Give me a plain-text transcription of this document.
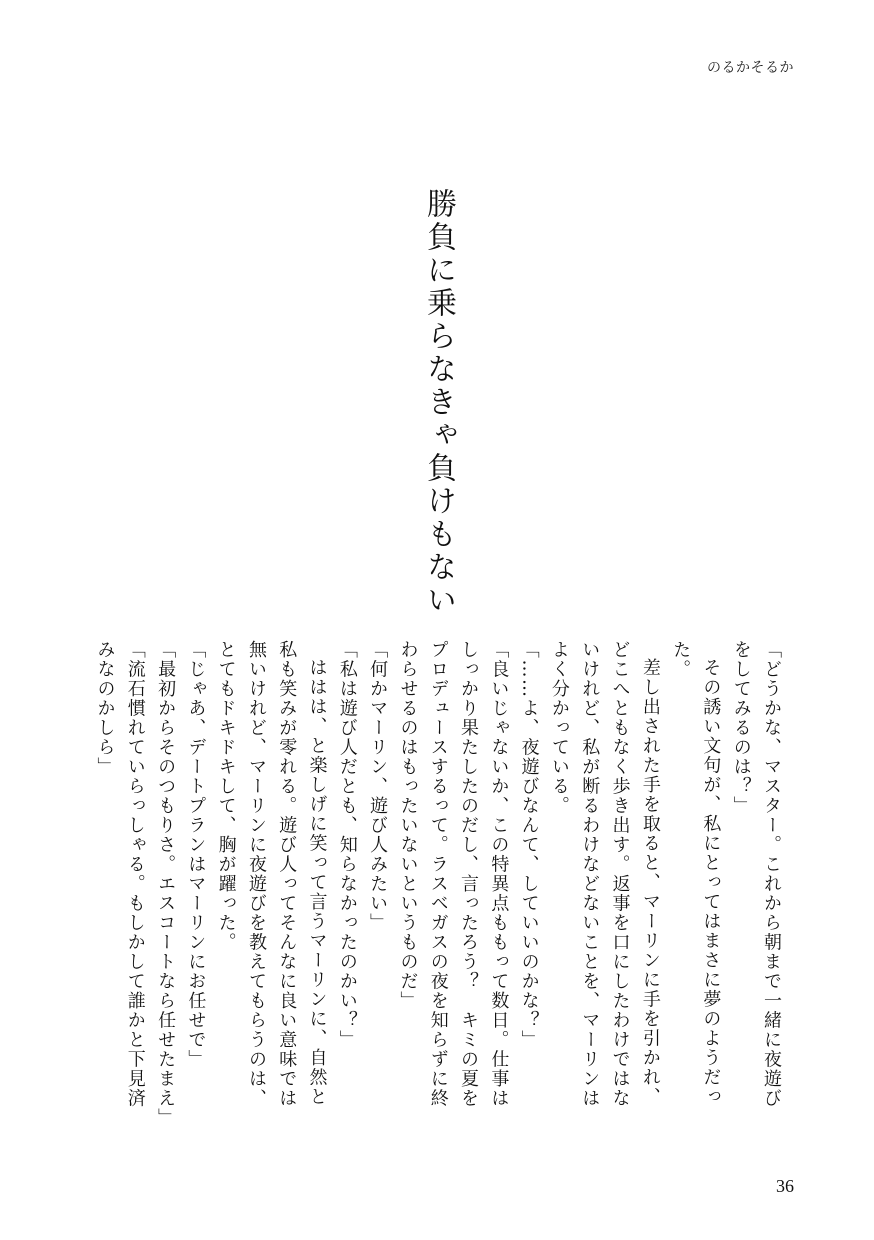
のるかそるか
勝負に乗らなきゃ負けもない

「どうかな、マスター。これから朝まで一緒に夜遊びをしてみるのは？」

その誘い文句が、私にとってはまさに夢のようだった。

差し出された手を取ると、マーリンに手を引かれ、どこへともなく歩き出す。返事を口にしたわけではないけれど、私が断るわけなどないことを、マーリンはよく分かっている。

「……よ、夜遊びなんて、していいのかな？」

「良いじゃないか、この特異点ももって数日。仕事はしっかり果たしたのだし、言ったろう？　キミの夏をプロデュースするって。ラスベガスの夜を知らずに終わらせるのはもったいないというものだ」

「何かマーリン、遊び人みたい」

「私は遊び人だとも、知らなかったのかい？」

ははは、と楽しげに笑って言うマーリンに、自然と私も笑みが零れる。遊び人ってそんなに良い意味では無いけれど、マーリンに夜遊びを教えてもらうのは、とてもドキドキして、胸が躍った。

「じゃあ、デートプランはマーリンにお任せで」

「最初からそのつもりさ。エスコートなら任せたまえ」

「流石慣れていらっしゃる。もしかして誰かと下見済みなのかしら」

36
